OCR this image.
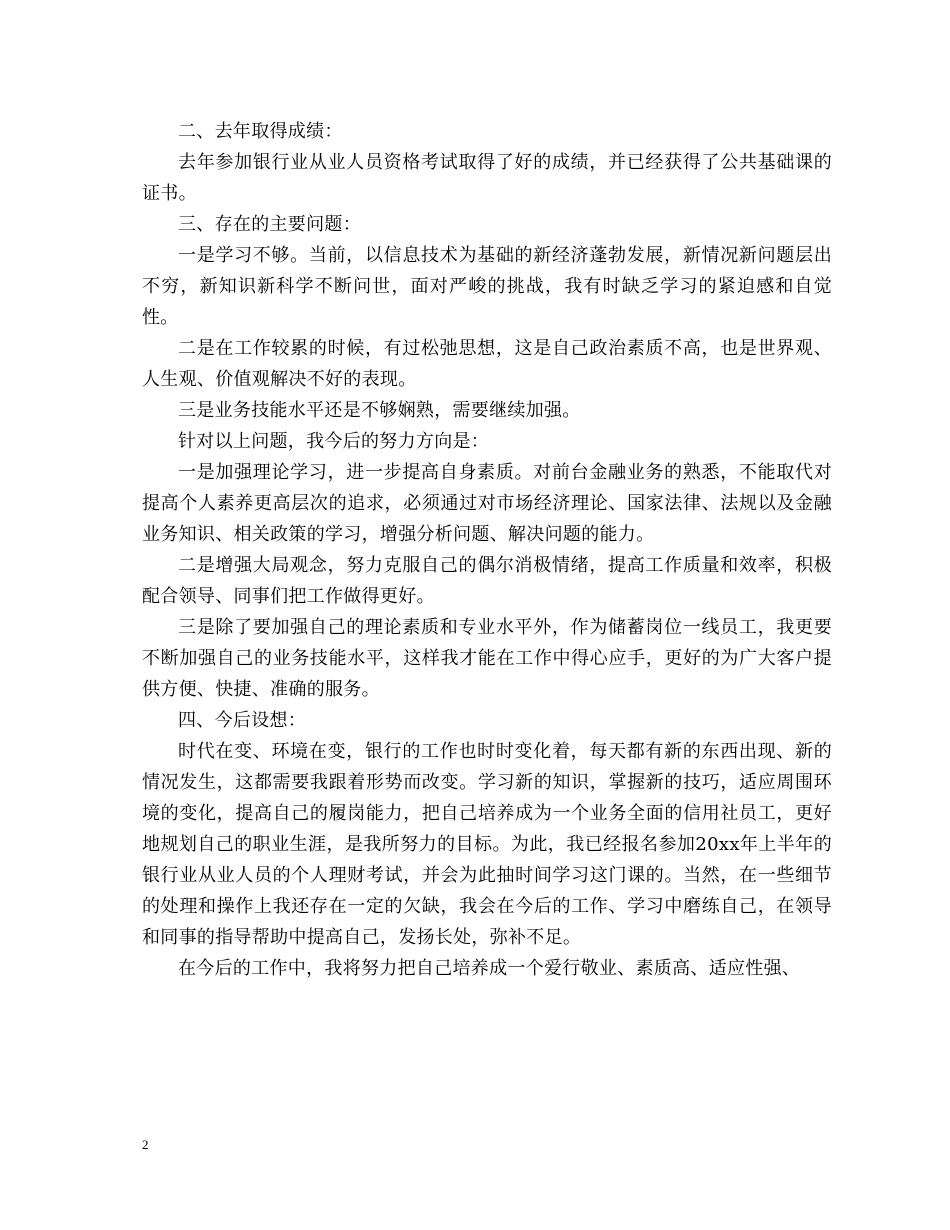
二、去年取得成绩：

去年参加银行业从业人员资格考试取得了好的成绩，并已经获得了公共基础课的证书。

三、存在的主要问题：

一是学习不够。当前，以信息技术为基础的新经济蓬勃发展，新情况新问题层出不穷，新知识新科学不断问世，面对严峻的挑战，我有时缺乏学习的紧迫感和自觉性。

二是在工作较累的时候，有过松弛思想，这是自己政治素质不高，也是世界观、人生观、价值观解决不好的表现。

三是业务技能水平还是不够娴熟，需要继续加强。

针对以上问题，我今后的努力方向是：

一是加强理论学习，进一步提高自身素质。对前台金融业务的熟悉，不能取代对提高个人素养更高层次的追求，必须通过对市场经济理论、国家法律、法规以及金融业务知识、相关政策的学习，增强分析问题、解决问题的能力。

二是增强大局观念，努力克服自己的偶尔消极情绪，提高工作质量和效率，积极配合领导、同事们把工作做得更好。

三是除了要加强自己的理论素质和专业水平外，作为储蓄岗位一线员工，我更要不断加强自己的业务技能水平，这样我才能在工作中得心应手，更好的为广大客户提供方便、快捷、准确的服务。

四、今后设想：

时代在变、环境在变，银行的工作也时时变化着，每天都有新的东西出现、新的情况发生，这都需要我跟着形势而改变。学习新的知识，掌握新的技巧，适应周围环境的变化，提高自己的履岗能力，把自己培养成为一个业务全面的信用社员工，更好地规划自己的职业生涯，是我所努力的目标。为此，我已经报名参加20xx年上半年的银行业从业人员的个人理财考试，并会为此抽时间学习这门课的。当然，在一些细节的处理和操作上我还存在一定的欠缺，我会在今后的工作、学习中磨练自己，在领导和同事的指导帮助中提高自己，发扬长处，弥补不足。

在今后的工作中，我将努力把自己培养成一个爱行敬业、素质高、适应性强、

2
